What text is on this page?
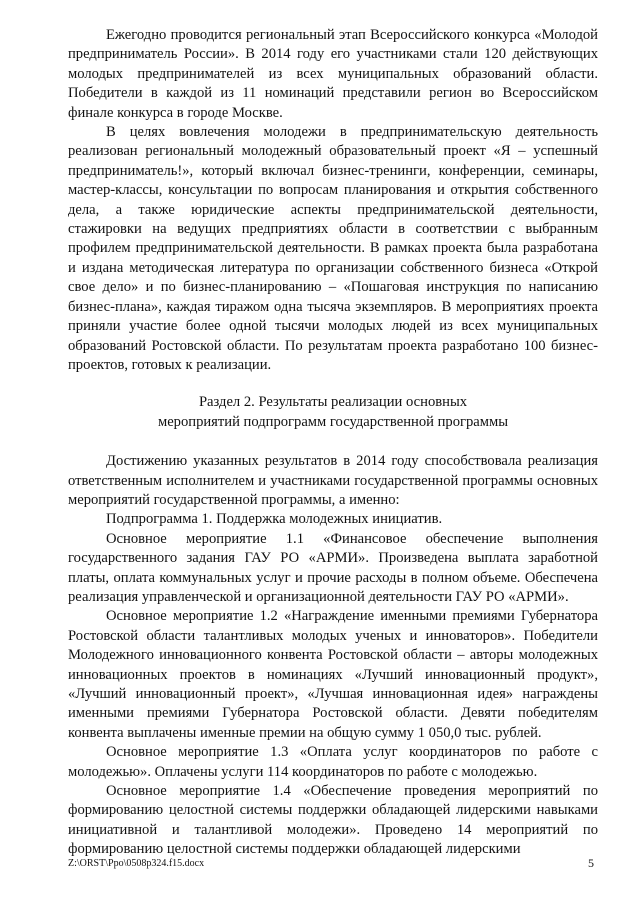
Ежегодно проводится региональный этап Всероссийского конкурса «Молодой предприниматель России». В 2014 году его участниками стали 120 действующих молодых предпринимателей из всех муниципальных образований области. Победители в каждой из 11 номинаций представили регион во Всероссийском финале конкурса в городе Москве.

В целях вовлечения молодежи в предпринимательскую деятельность реализован региональный молодежный образовательный проект «Я – успешный предприниматель!», который включал бизнес-тренинги, конференции, семинары, мастер-классы, консультации по вопросам планирования и открытия собственного дела, а также юридические аспекты предпринимательской деятельности, стажировки на ведущих предприятиях области в соответствии с выбранным профилем предпринимательской деятельности. В рамках проекта была разработана и издана методическая литература по организации собственного бизнеса «Открой свое дело» и по бизнес-планированию – «Пошаговая инструкция по написанию бизнес-плана», каждая тиражом одна тысяча экземпляров. В мероприятиях проекта приняли участие более одной тысячи молодых людей из всех муниципальных образований Ростовской области. По результатам проекта разработано 100 бизнес-проектов, готовых к реализации.

Раздел 2. Результаты реализации основных
мероприятий подпрограмм государственной программы

Достижению указанных результатов в 2014 году способствовала реализация ответственным исполнителем и участниками государственной программы основных мероприятий государственной программы, а именно:

Подпрограмма 1. Поддержка молодежных инициатив.

Основное мероприятие 1.1 «Финансовое обеспечение выполнения государственного задания ГАУ РО «АРМИ». Произведена выплата заработной платы, оплата коммунальных услуг и прочие расходы в полном объеме. Обеспечена реализация управленческой и организационной деятельности ГАУ РО «АРМИ».

Основное мероприятие 1.2 «Награждение именными премиями Губернатора Ростовской области талантливых молодых ученых и инноваторов». Победители Молодежного инновационного конвента Ростовской области – авторы молодежных инновационных проектов в номинациях «Лучший инновационный продукт», «Лучший инновационный проект», «Лучшая инновационная идея» награждены именными премиями Губернатора Ростовской области. Девяти победителям конвента выплачены именные премии на общую сумму 1 050,0 тыс. рублей.

Основное мероприятие 1.3 «Оплата услуг координаторов по работе с молодежью». Оплачены услуги 114 координаторов по работе с молодежью.

Основное мероприятие 1.4 «Обеспечение проведения мероприятий по формированию целостной системы поддержки обладающей лидерскими навыками инициативной и талантливой молодежи». Проведено 14 мероприятий по формированию целостной системы поддержки обладающей лидерскими

Z:\ORST\Ppo\0508p324.f15.docx	5
